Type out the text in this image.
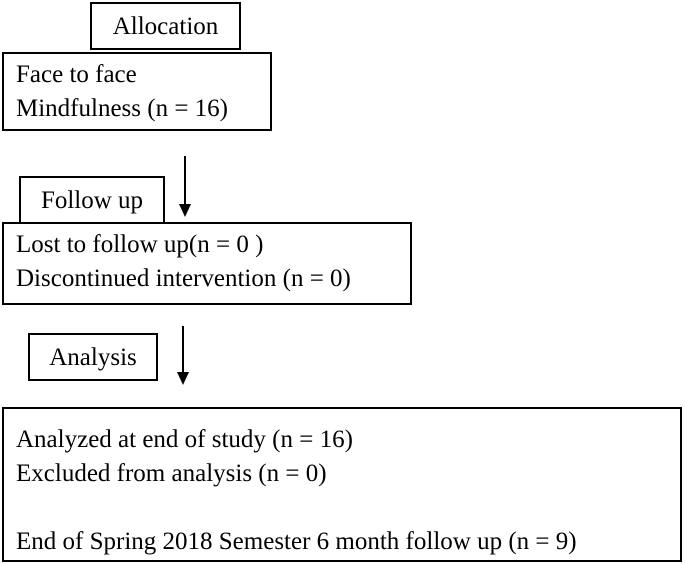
Allocation
Face to face
Mindfulness (n = 16)
Follow up
Lost to follow up(n = 0 )
Discontinued intervention (n = 0)
Analysis
Analyzed at end of study (n = 16)
Excluded from analysis (n = 0)
End of Spring 2018 Semester 6 month follow up (n = 9)
